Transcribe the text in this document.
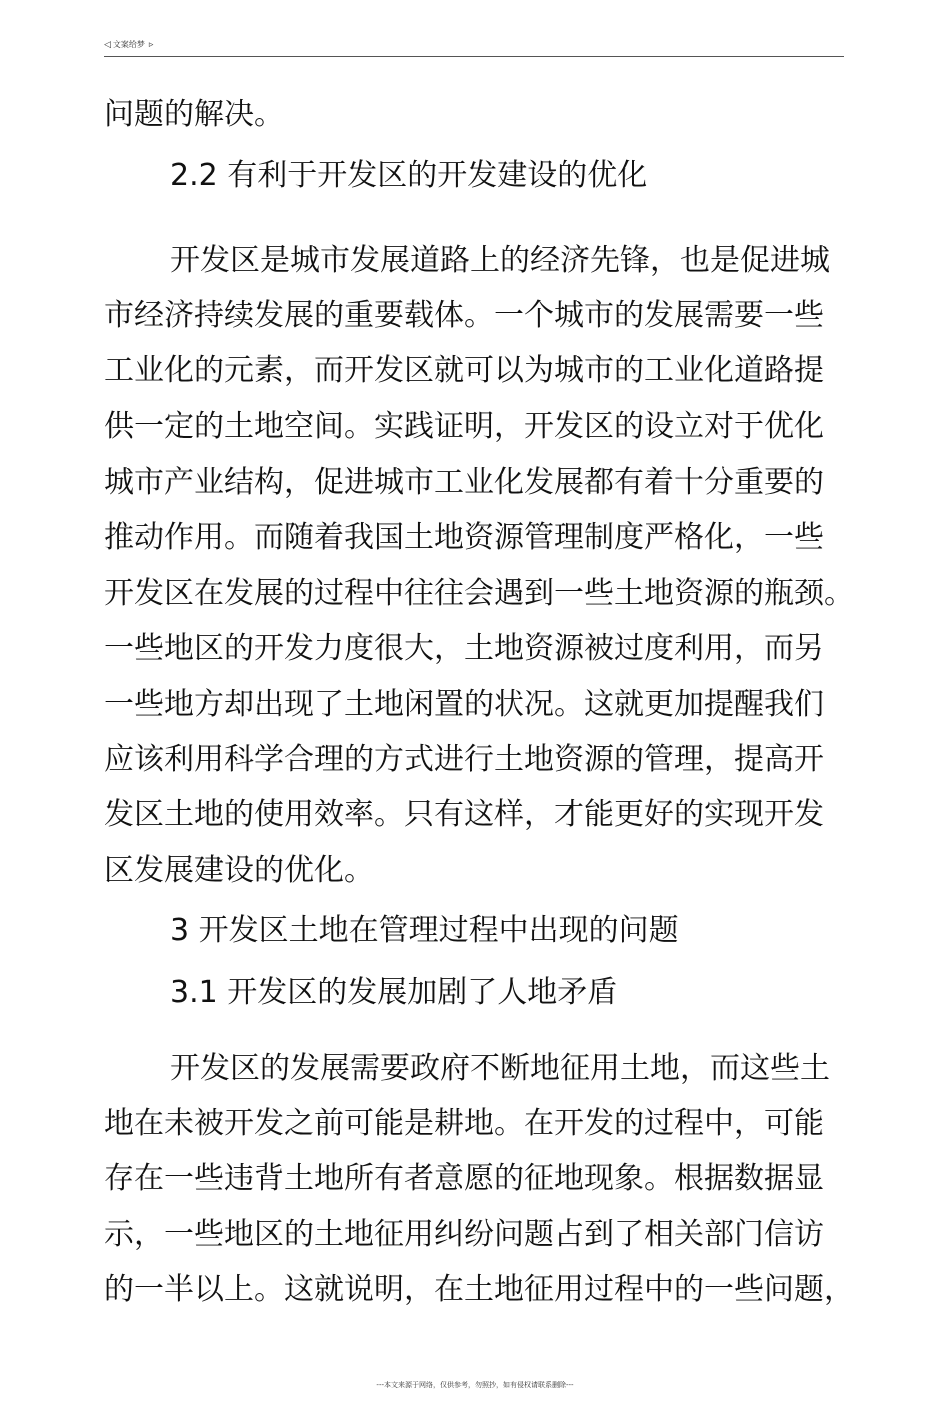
◁ 文案给梦 ▹
问题的解决。
2.2 有利于开发区的开发建设的优化
开发区是城市发展道路上的经济先锋，也是促进城
市经济持续发展的重要载体。一个城市的发展需要一些
工业化的元素，而开发区就可以为城市的工业化道路提
供一定的土地空间。实践证明，开发区的设立对于优化
城市产业结构，促进城市工业化发展都有着十分重要的
推动作用。而随着我国土地资源管理制度严格化，一些
开发区在发展的过程中往往会遇到一些土地资源的瓶颈。
一些地区的开发力度很大，土地资源被过度利用，而另
一些地方却出现了土地闲置的状况。这就更加提醒我们
应该利用科学合理的方式进行土地资源的管理，提高开
发区土地的使用效率。只有这样，才能更好的实现开发
区发展建设的优化。
3 开发区土地在管理过程中出现的问题
3.1 开发区的发展加剧了人地矛盾
开发区的发展需要政府不断地征用土地，而这些土
地在未被开发之前可能是耕地。在开发的过程中，可能
存在一些违背土地所有者意愿的征地现象。根据数据显
示，一些地区的土地征用纠纷问题占到了相关部门信访
的一半以上。这就说明，在土地征用过程中的一些问题，
---本文来源于网络，仅供参考，勿照抄，如有侵权请联系删除---
